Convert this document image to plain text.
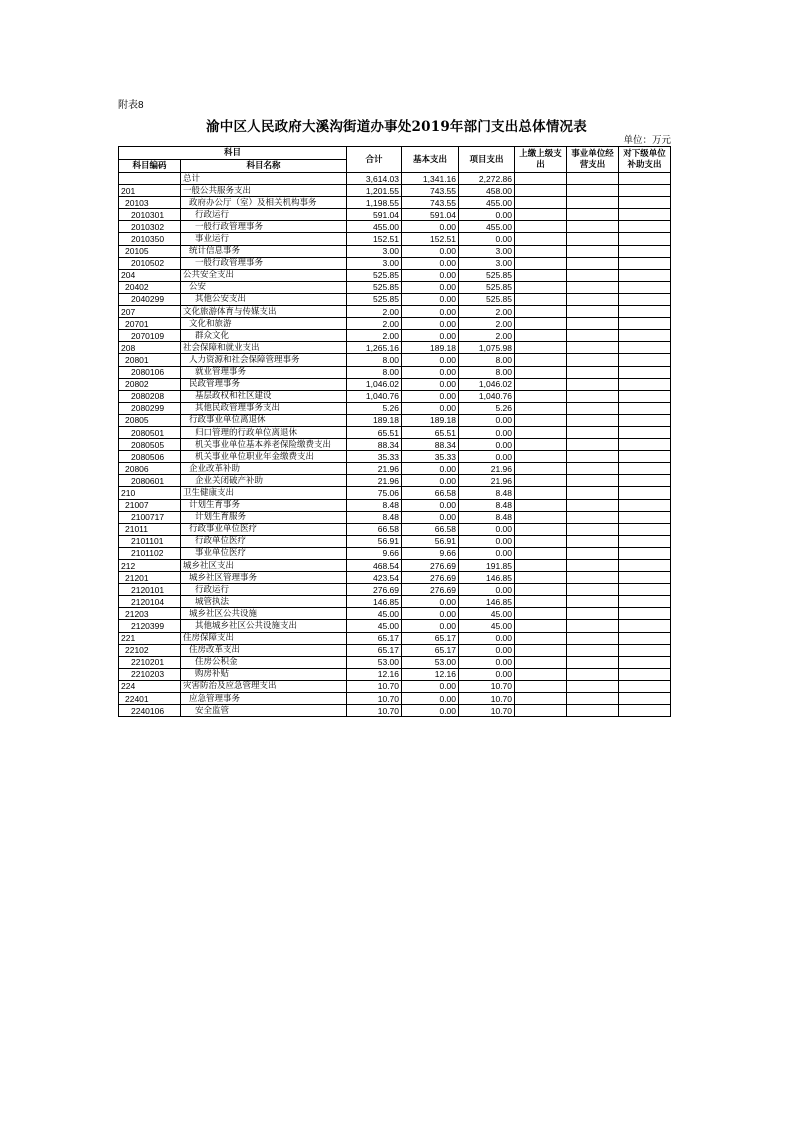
附表8
渝中区人民政府大溪沟街道办事处2019年部门支出总体情况表
单位：万元
科目		合计	基本支出	项目支出	上缴上级支出	事业单位经营支出	对下级单位补助支出
科目编码	科目名称						
	总计	3,614.03	1,341.16	2,272.86			
201	一般公共服务支出	1,201.55	743.55	458.00			
20103	政府办公厅（室）及相关机构事务	1,198.55	743.55	455.00			
2010301	行政运行	591.04	591.04	0.00			
2010302	一般行政管理事务	455.00	0.00	455.00			
2010350	事业运行	152.51	152.51	0.00			
20105	统计信息事务	3.00	0.00	3.00			
2010502	一般行政管理事务	3.00	0.00	3.00			
204	公共安全支出	525.85	0.00	525.85			
20402	公安	525.85	0.00	525.85			
2040299	其他公安支出	525.85	0.00	525.85			
207	文化旅游体育与传媒支出	2.00	0.00	2.00			
20701	文化和旅游	2.00	0.00	2.00			
2070109	群众文化	2.00	0.00	2.00			
208	社会保障和就业支出	1,265.16	189.18	1,075.98			
20801	人力资源和社会保障管理事务	8.00	0.00	8.00			
2080106	就业管理事务	8.00	0.00	8.00			
20802	民政管理事务	1,046.02	0.00	1,046.02			
2080208	基层政权和社区建设	1,040.76	0.00	1,040.76			
2080299	其他民政管理事务支出	5.26	0.00	5.26			
20805	行政事业单位离退休	189.18	189.18	0.00			
2080501	归口管理的行政单位离退休	65.51	65.51	0.00			
2080505	机关事业单位基本养老保险缴费支出	88.34	88.34	0.00			
2080506	机关事业单位职业年金缴费支出	35.33	35.33	0.00			
20806	企业改革补助	21.96	0.00	21.96			
2080601	企业关闭破产补助	21.96	0.00	21.96			
210	卫生健康支出	75.06	66.58	8.48			
21007	计划生育事务	8.48	0.00	8.48			
2100717	计划生育服务	8.48	0.00	8.48			
21011	行政事业单位医疗	66.58	66.58	0.00			
2101101	行政单位医疗	56.91	56.91	0.00			
2101102	事业单位医疗	9.66	9.66	0.00			
212	城乡社区支出	468.54	276.69	191.85			
21201	城乡社区管理事务	423.54	276.69	146.85			
2120101	行政运行	276.69	276.69	0.00			
2120104	城管执法	146.85	0.00	146.85			
21203	城乡社区公共设施	45.00	0.00	45.00			
2120399	其他城乡社区公共设施支出	45.00	0.00	45.00			
221	住房保障支出	65.17	65.17	0.00			
22102	住房改革支出	65.17	65.17	0.00			
2210201	住房公积金	53.00	53.00	0.00			
2210203	购房补贴	12.16	12.16	0.00			
224	灾害防治及应急管理支出	10.70	0.00	10.70			
22401	应急管理事务	10.70	0.00	10.70			
2240106	安全监管	10.70	0.00	10.70			
